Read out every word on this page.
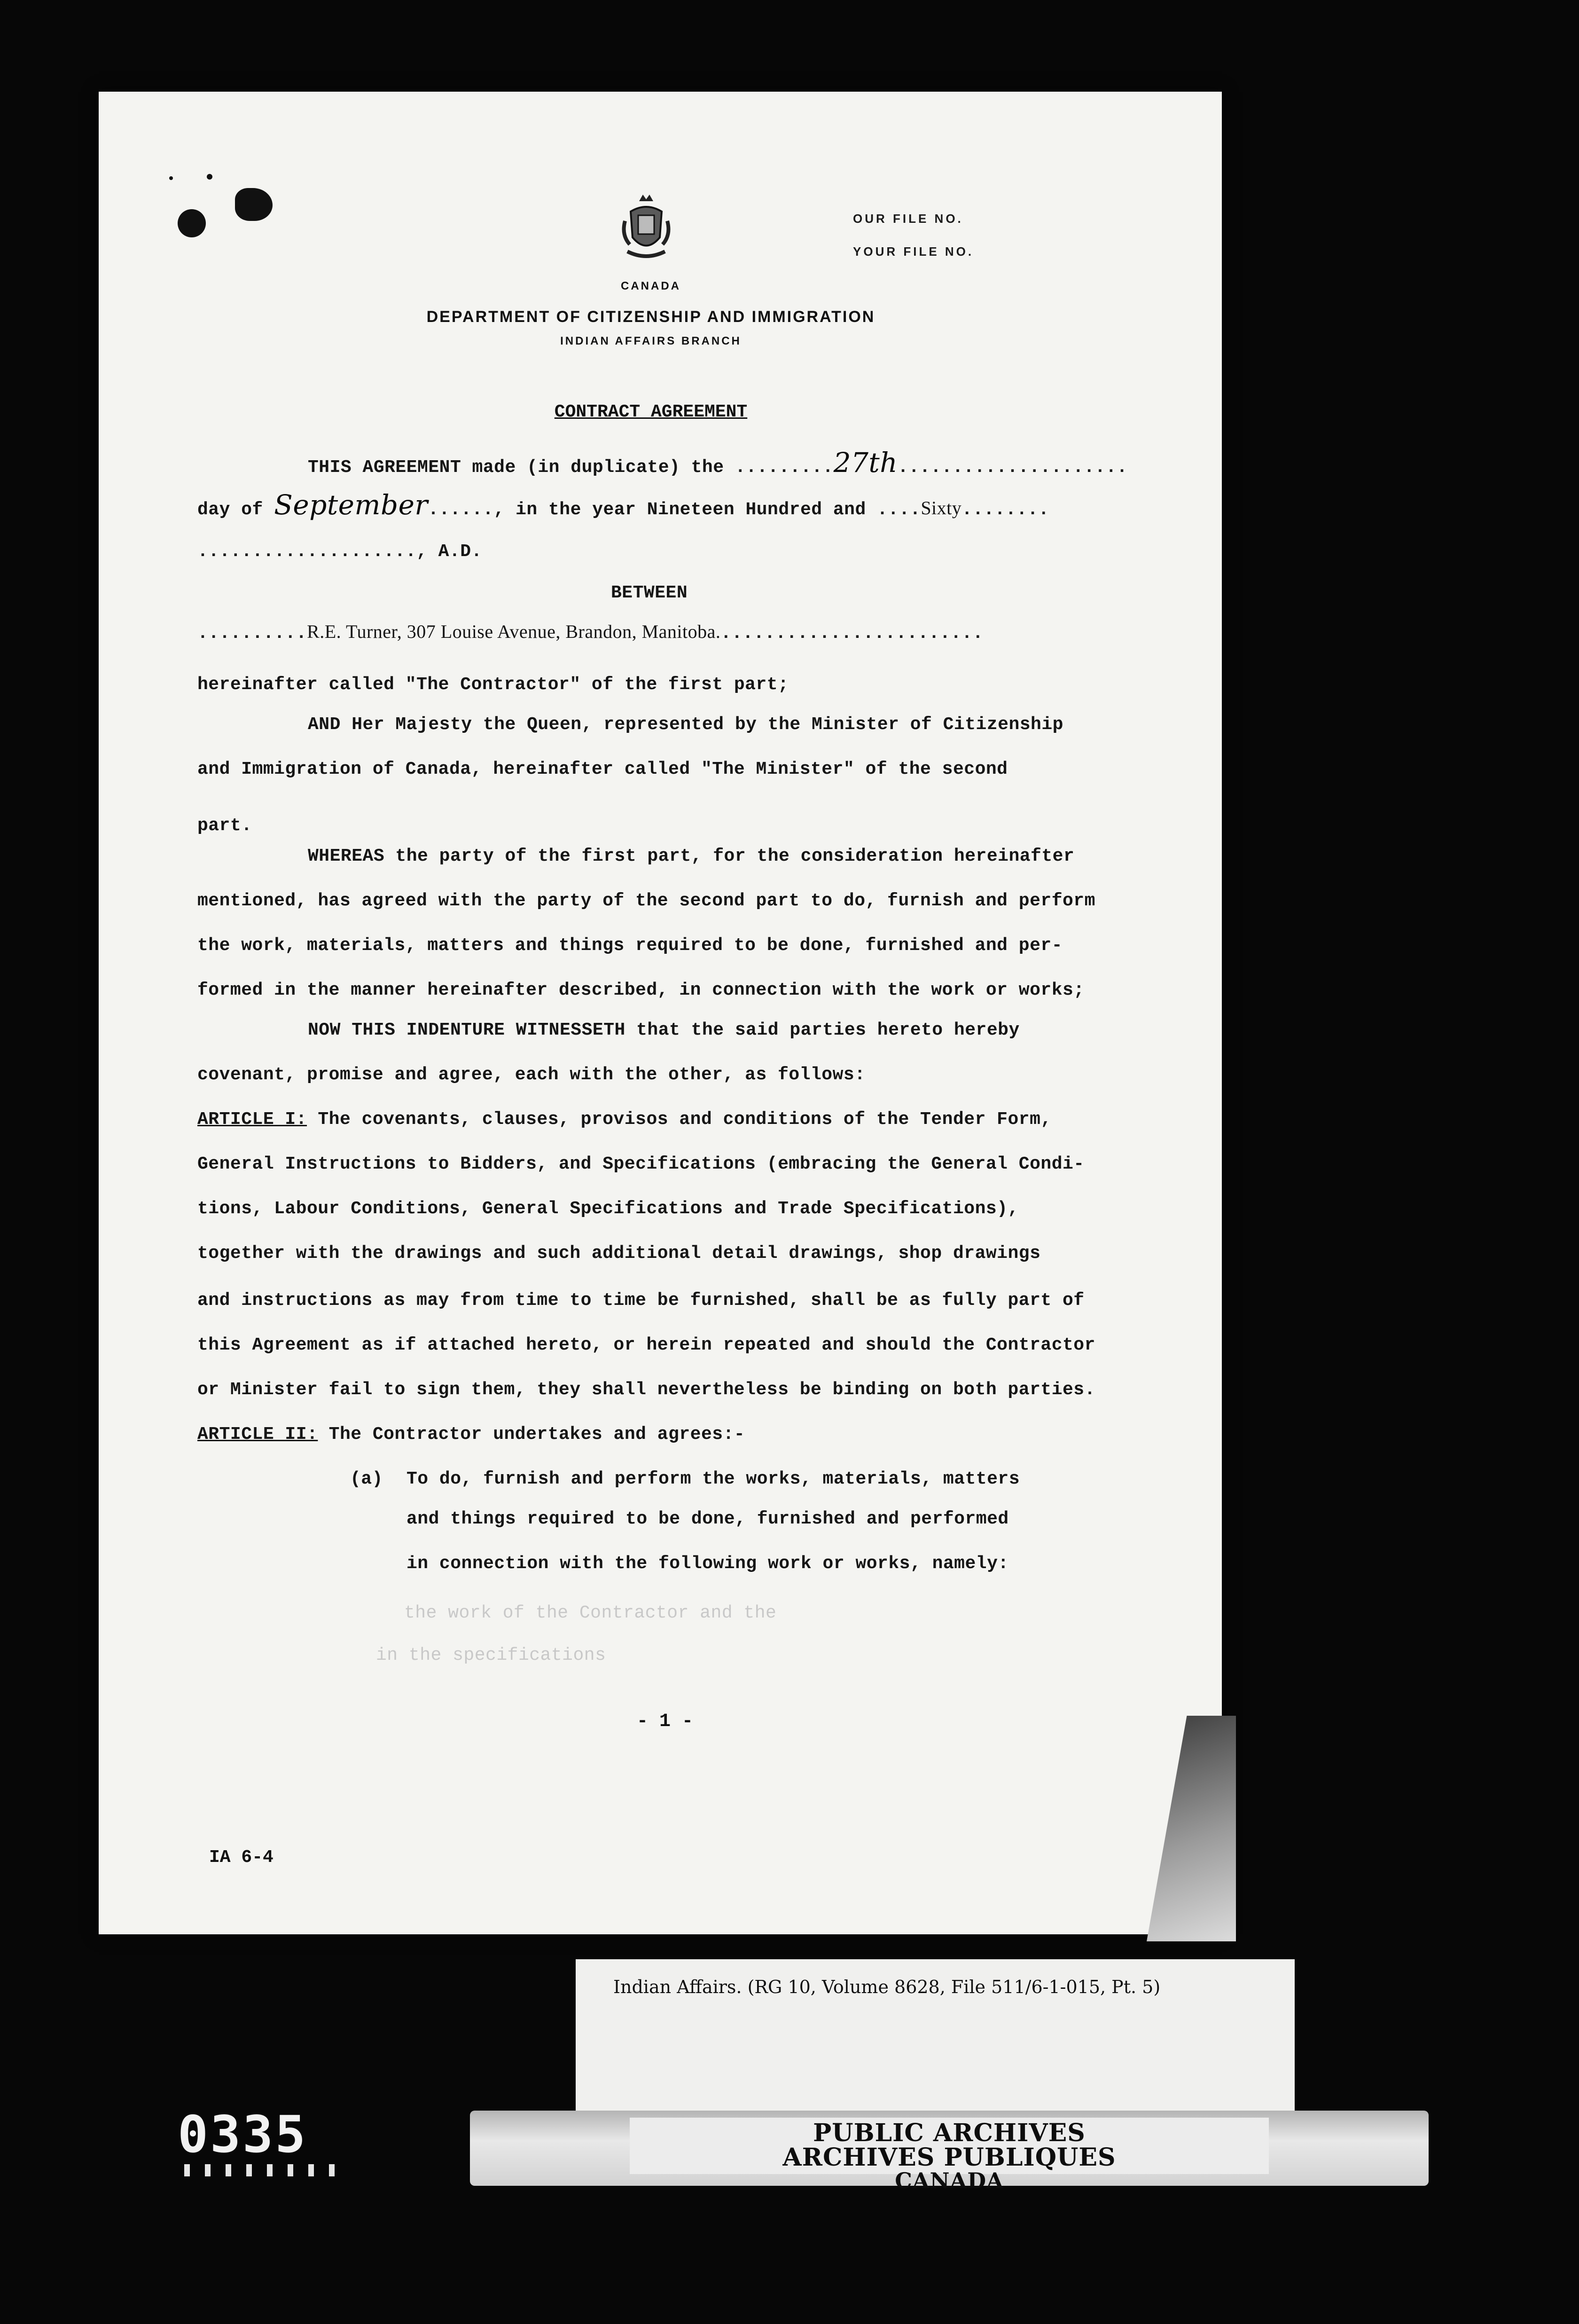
OUR FILE NO.
YOUR FILE NO.
CANADA
DEPARTMENT OF CITIZENSHIP AND IMMIGRATION
INDIAN AFFAIRS BRANCH
CONTRACT AGREEMENT
THIS AGREEMENT made (in duplicate) the .........27th.....................
day of September......, in the year Nineteen Hundred and ....Sixty........
...................., A.D.
BETWEEN
..........R.E. Turner, 307 Louise Avenue, Brandon, Manitoba.........................
hereinafter called "The Contractor" of the first part;
AND Her Majesty the Queen, represented by the Minister of Citizenship
and Immigration of Canada, hereinafter called "The Minister" of the second
part.
WHEREAS the party of the first part, for the consideration hereinafter
mentioned, has agreed with the party of the second part to do, furnish and perform
the work, materials, matters and things required to be done, furnished and per-
formed in the manner hereinafter described, in connection with the work or works;
NOW THIS INDENTURE WITNESSETH that the said parties hereto hereby
covenant, promise and agree, each with the other, as follows:
ARTICLE I: The covenants, clauses, provisos and conditions of the Tender Form,
General Instructions to Bidders, and Specifications (embracing the General Condi-
tions, Labour Conditions, General Specifications and Trade Specifications),
together with the drawings and such additional detail drawings, shop drawings
and instructions as may from time to time be furnished, shall be as fully part of
this Agreement as if attached hereto, or herein repeated and should the Contractor
or Minister fail to sign them, they shall nevertheless be binding on both parties.
ARTICLE II: The Contractor undertakes and agrees:-
(a) To do, furnish and perform the works, materials, matters
and things required to be done, furnished and performed
in connection with the following work or works, namely:
the work of the Contractor and the
in the specifications
- 1 -
IA 6-4
Indian Affairs. (RG 10, Volume 8628, File 511/6-1-015, Pt. 5)
0335	PUBLIC ARCHIVES
ARCHIVES PUBLIQUES
CANADA
